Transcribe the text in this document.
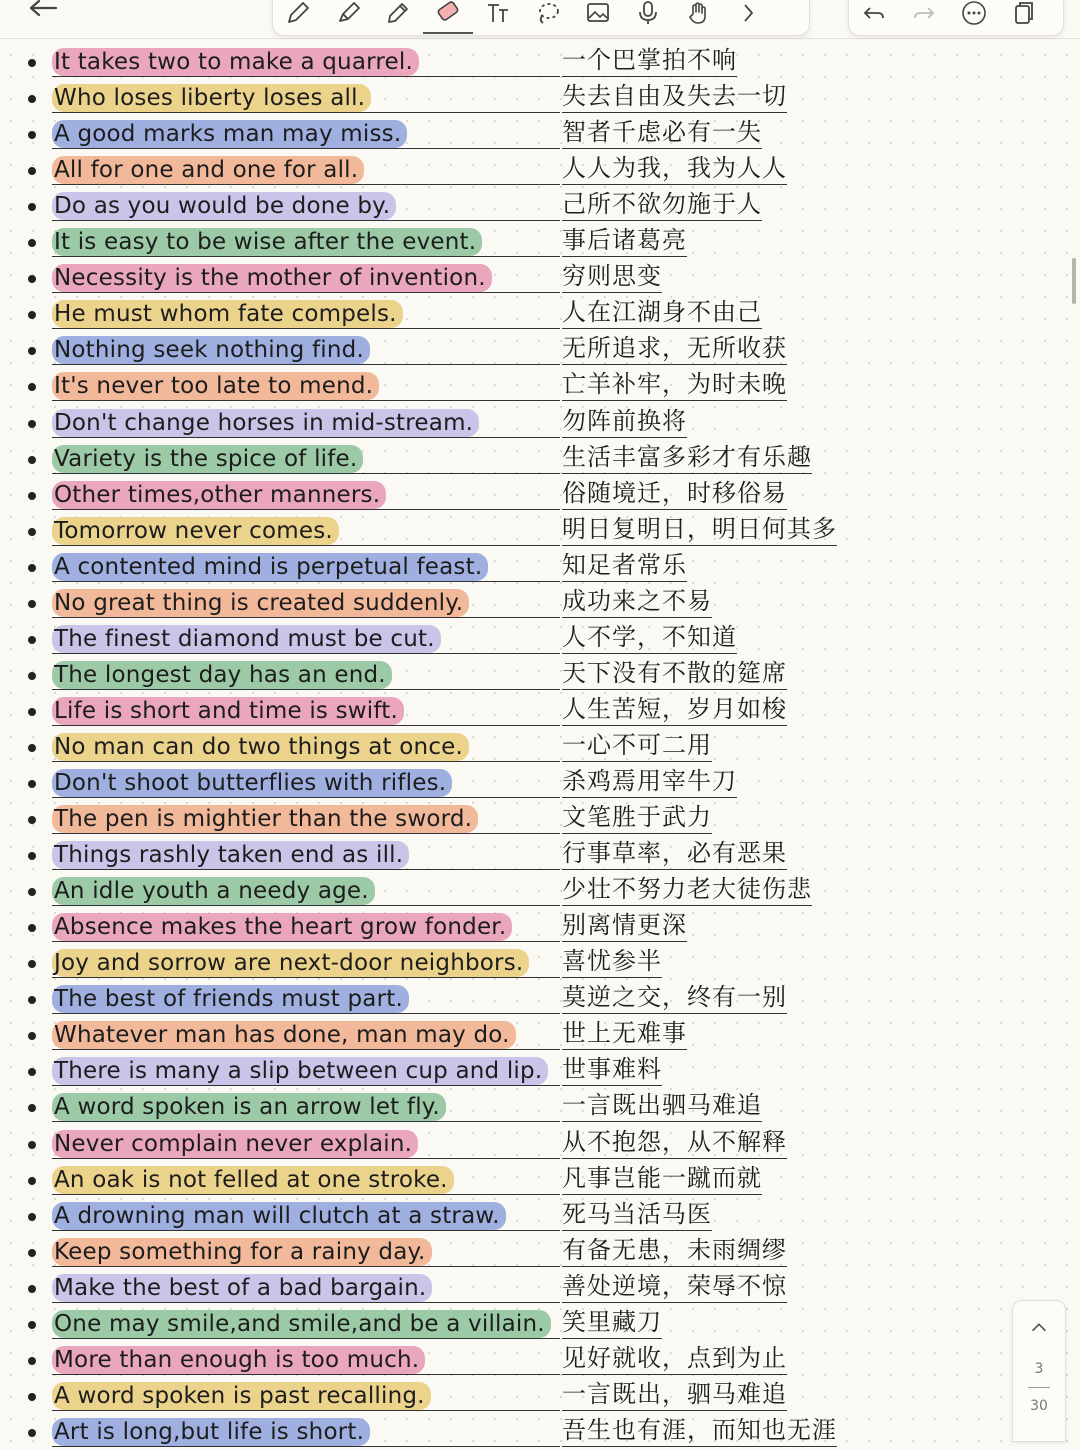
It takes two to make a quarrel.	一个巴掌拍不响
Who loses liberty loses all.	失去自由及失去一切
A good marks man may miss.	智者千虑必有一失
All for one and one for all.	人人为我，我为人人
Do as you would be done by.	己所不欲勿施于人
It is easy to be wise after the event.	事后诸葛亮
Necessity is the mother of invention.	穷则思变
He must whom fate compels.	人在江湖身不由己
Nothing seek nothing find.	无所追求，无所收获
It's never too late to mend.	亡羊补牢，为时未晚
Don't change horses in mid-stream.	勿阵前换将
Variety is the spice of life.	生活丰富多彩才有乐趣
Other times,other manners.	俗随境迁，时移俗易
Tomorrow never comes.	明日复明日，明日何其多
A contented mind is perpetual feast.	知足者常乐
No great thing is created suddenly.	成功来之不易
The finest diamond must be cut.	人不学，不知道
The longest day has an end.	天下没有不散的筵席
Life is short and time is swift.	人生苦短，岁月如梭
No man can do two things at once.	一心不可二用
Don't shoot butterflies with rifles.	杀鸡焉用宰牛刀
The pen is mightier than the sword.	文笔胜于武力
Things rashly taken end as ill.	行事草率，必有恶果
An idle youth a needy age.	少壮不努力老大徒伤悲
Absence makes the heart grow fonder. 别离情更深
Joy and sorrow are next-door neighbors. 喜忧参半
The best of friends must part.	莫逆之交，终有一别
Whatever man has done, man may do. 世上无难事
There is many a slip between cup and lip. 世事难料
A word spoken is an arrow let fly.	一言既出驷马难追
Never complain never explain.	从不抱怨，从不解释
An oak is not felled at one stroke.	凡事岂能一蹴而就
A drowning man will clutch at a straw.	死马当活马医
Keep something for a rainy day.	有备无患，未雨绸缪
Make the best of a bad bargain.	善处逆境，荣辱不惊
One may smile,and smile,and be a villain. 笑里藏刀
More than enough is too much.	见好就收，点到为止
A word spoken is past recalling.	一言既出，驷马难追
Art is long,but life is short.	吾生也有涯，而知也无涯
3
30
